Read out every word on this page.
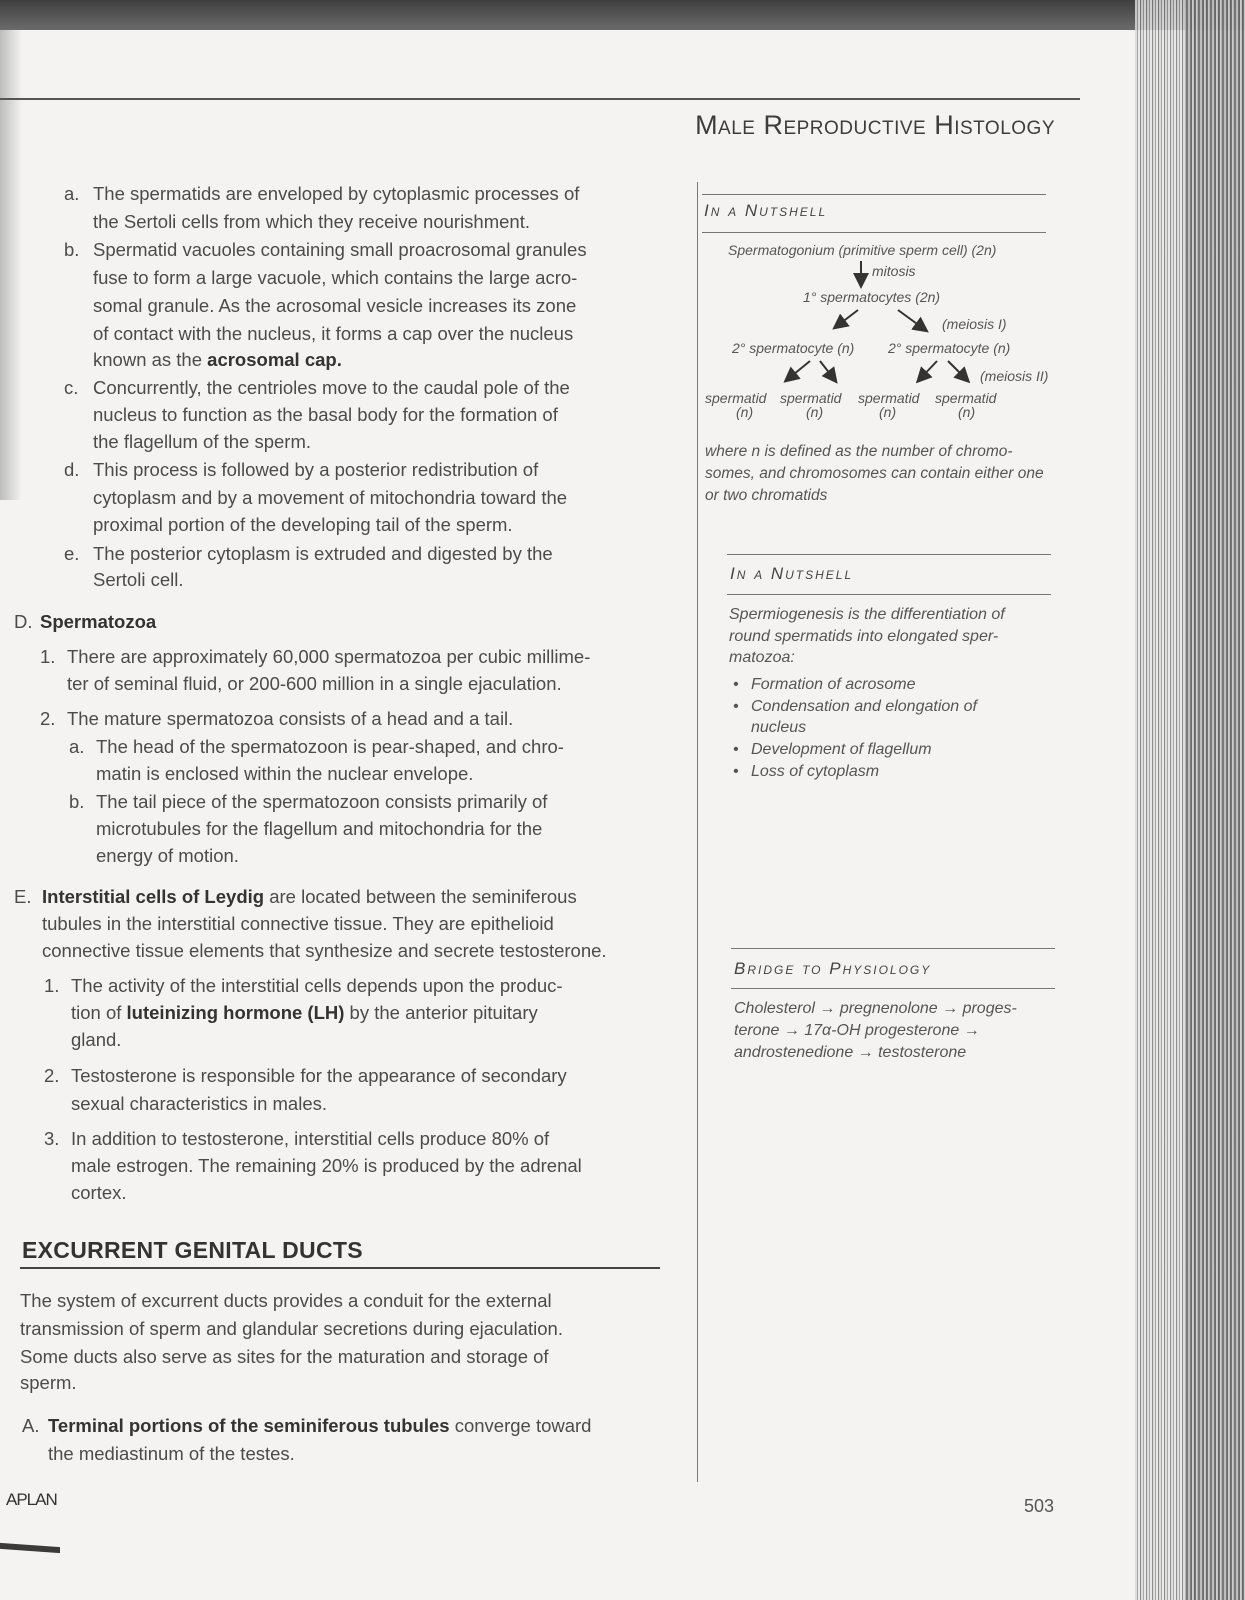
Male Reproductive Histology
a. The spermatids are enveloped by cytoplasmic processes of
the Sertoli cells from which they receive nourishment.
b. Spermatid vacuoles containing small proacrosomal granules
fuse to form a large vacuole, which contains the large acro-
somal granule. As the acrosomal vesicle increases its zone
of contact with the nucleus, it forms a cap over the nucleus
known as the acrosomal cap.
c. Concurrently, the centrioles move to the caudal pole of the
nucleus to function as the basal body for the formation of
the flagellum of the sperm.
d. This process is followed by a posterior redistribution of
cytoplasm and by a movement of mitochondria toward the
proximal portion of the developing tail of the sperm.
e. The posterior cytoplasm is extruded and digested by the
Sertoli cell.
D. Spermatozoa
1. There are approximately 60,000 spermatozoa per cubic millime-
ter of seminal fluid, or 200-600 million in a single ejaculation.
2. The mature spermatozoa consists of a head and a tail.
a. The head of the spermatozoon is pear-shaped, and chro-
matin is enclosed within the nuclear envelope.
b. The tail piece of the spermatozoon consists primarily of
microtubules for the flagellum and mitochondria for the
energy of motion.
E. Interstitial cells of Leydig are located between the seminiferous
tubules in the interstitial connective tissue. They are epithelioid
connective tissue elements that synthesize and secrete testosterone.
1. The activity of the interstitial cells depends upon the produc-
tion of luteinizing hormone (LH) by the anterior pituitary
gland.
2. Testosterone is responsible for the appearance of secondary
sexual characteristics in males.
3. In addition to testosterone, interstitial cells produce 80% of
male estrogen. The remaining 20% is produced by the adrenal
cortex.
EXCURRENT GENITAL DUCTS
The system of excurrent ducts provides a conduit for the external
transmission of sperm and glandular secretions during ejaculation.
Some ducts also serve as sites for the maturation and storage of
sperm.
A. Terminal portions of the seminiferous tubules converge toward
the mediastinum of the testes.
In a Nutshell
Spermatogonium (primitive sperm cell) (2n)
mitosis
1° spermatocytes (2n)
(meiosis I)
2° spermatocyte (n) 2° spermatocyte (n)
(meiosis II)
spermatid spermatid spermatid spermatid
(n)	(n)	(n)	(n)
where n is defined as the number of chromo-
somes, and chromosomes can contain either one
or two chromatids
In a Nutshell
Spermiogenesis is the differentiation of
round spermatids into elongated sper-
matozoa:
• Formation of acrosome
• Condensation and elongation of
nucleus
• Development of flagellum
• Loss of cytoplasm
Bridge to Physiology
Cholesterol → pregnenolone → proges-
terone → 17α-OH progesterone →
androstenedione → testosterone
APLAN	503
